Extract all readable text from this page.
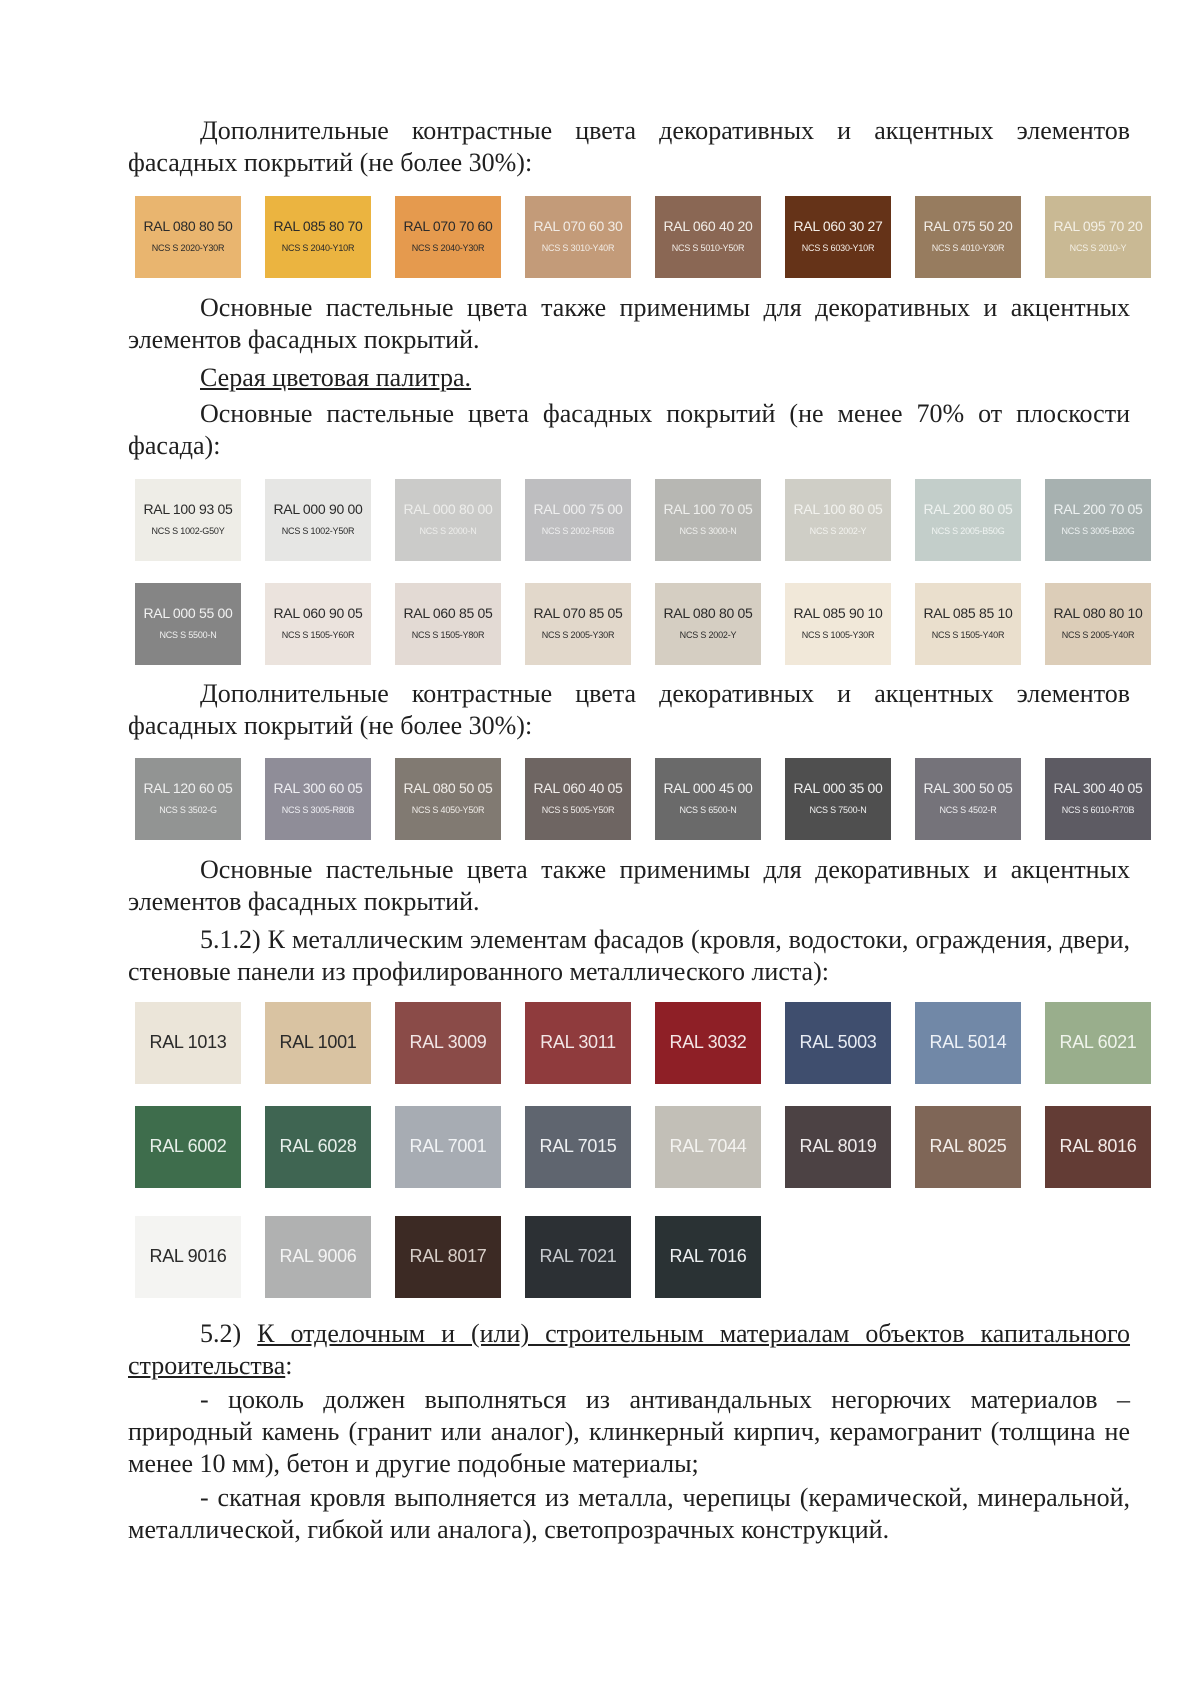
Дополнительные контрастные цвета декоративных и акцентных элементов фасадных покрытий (не более 30%):

RAL 080 80 50
NCS S 2020-Y30R
RAL 085 80 70
NCS S 2040-Y10R
RAL 070 70 60
NCS S 2040-Y30R
RAL 070 60 30
NCS S 3010-Y40R
RAL 060 40 20
NCS S 5010-Y50R
RAL 060 30 27
NCS S 6030-Y10R
RAL 075 50 20
NCS S 4010-Y30R
RAL 095 70 20
NCS S 2010-Y

Основные пастельные цвета также применимы для декоративных и акцентных элементов фасадных покрытий.

Серая цветовая палитра.

Основные пастельные цвета фасадных покрытий (не менее 70% от плоскости фасада):

RAL 100 93 05
NCS S 1002-G50Y
RAL 000 90 00
NCS S 1002-Y50R
RAL 000 80 00
NCS S 2000-N
RAL 000 75 00
NCS S 2002-R50B
RAL 100 70 05
NCS S 3000-N
RAL 100 80 05
NCS S 2002-Y
RAL 200 80 05
NCS S 2005-B50G
RAL 200 70 05
NCS S 3005-B20G
RAL 000 55 00
NCS S 5500-N
RAL 060 90 05
NCS S 1505-Y60R
RAL 060 85 05
NCS S 1505-Y80R
RAL 070 85 05
NCS S 2005-Y30R
RAL 080 80 05
NCS S 2002-Y
RAL 085 90 10
NCS S 1005-Y30R
RAL 085 85 10
NCS S 1505-Y40R
RAL 080 80 10
NCS S 2005-Y40R

Дополнительные контрастные цвета декоративных и акцентных элементов фасадных покрытий (не более 30%):

RAL 120 60 05
NCS S 3502-G
RAL 300 60 05
NCS S 3005-R80B
RAL 080 50 05
NCS S 4050-Y50R
RAL 060 40 05
NCS S 5005-Y50R
RAL 000 45 00
NCS S 6500-N
RAL 000 35 00
NCS S 7500-N
RAL 300 50 05
NCS S 4502-R
RAL 300 40 05
NCS S 6010-R70B

Основные пастельные цвета также применимы для декоративных и акцентных элементов фасадных покрытий.

5.1.2) К металлическим элементам фасадов (кровля, водостоки, ограждения, двери, стеновые панели из профилированного металлического листа):

RAL 1013	RAL 1001	RAL 3009	RAL 3011	RAL 3032	RAL 5003	RAL 5014	RAL 6021
RAL 6002	RAL 6028	RAL 7001	RAL 7015	RAL 7044	RAL 8019	RAL 8025	RAL 8016
RAL 9016	RAL 9006	RAL 8017	RAL 7021	RAL 7016

5.2) К отделочным и (или) строительным материалам объектов капитального строительства:

- цоколь должен выполняться из антивандальных негорючих материалов – природный камень (гранит или аналог), клинкерный кирпич, керамогранит (толщина не менее 10 мм), бетон и другие подобные материалы;

- скатная кровля выполняется из металла, черепицы (керамической, минеральной, металлической, гибкой или аналога), светопрозрачных конструкций.
